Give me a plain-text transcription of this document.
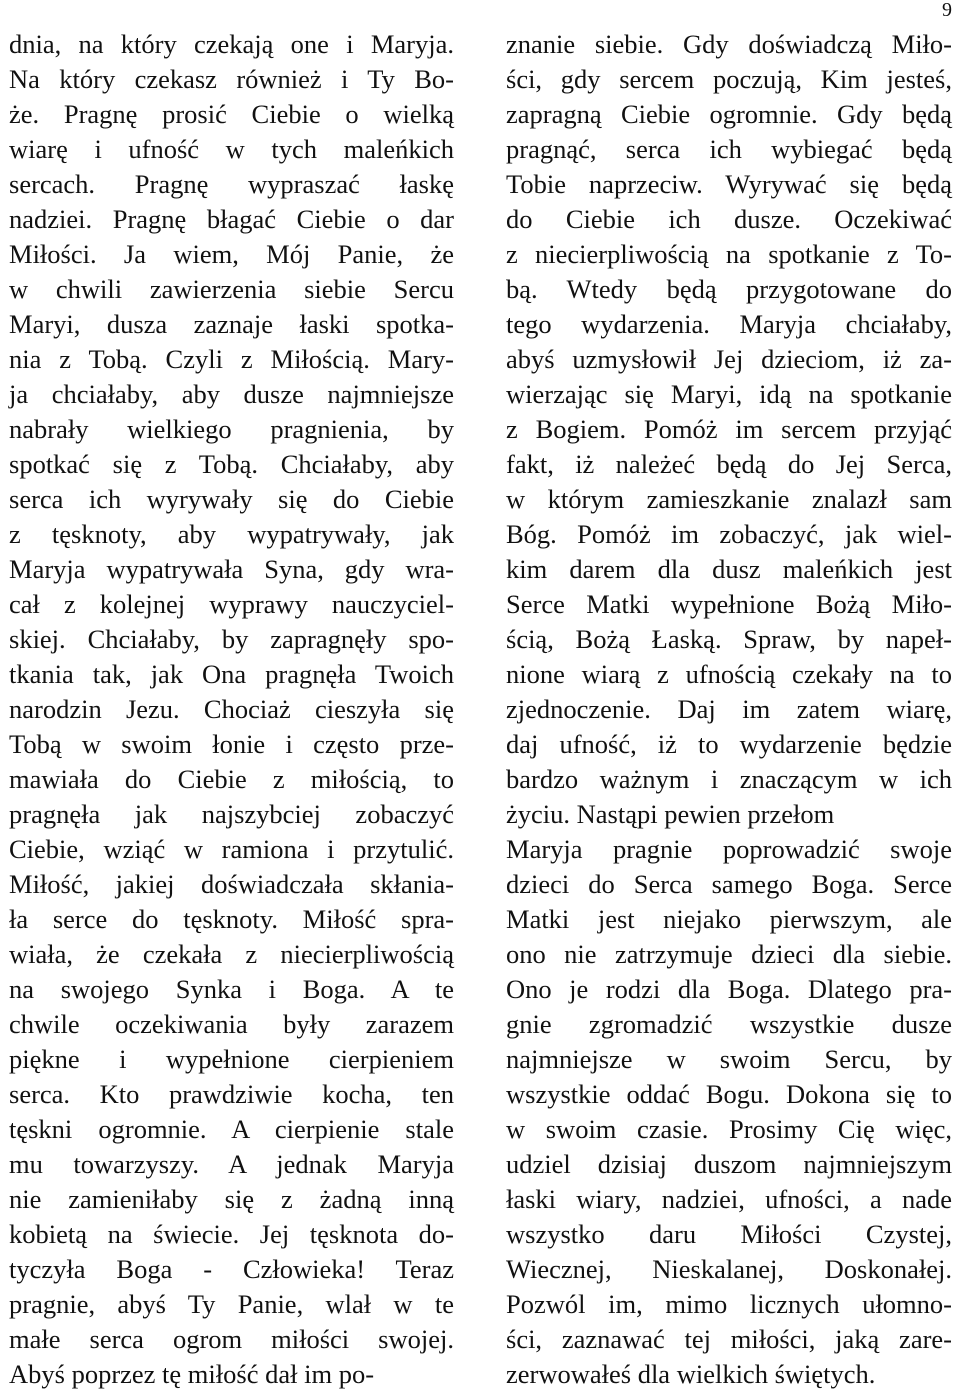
9
dnia, na który czekają one i Maryja.
Na który czekasz również i Ty Bo-
że. Pragnę prosić Ciebie o wielką
wiarę i ufność w tych maleńkich
sercach. Pragnę wypraszać łaskę
nadziei. Pragnę błagać Ciebie o dar
Miłości. Ja wiem, Mój Panie, że
w chwili zawierzenia siebie Sercu
Maryi, dusza zaznaje łaski spotka-
nia z Tobą. Czyli z Miłością. Mary-
ja chciałaby, aby dusze najmniejsze
nabrały wielkiego pragnienia, by
spotkać się z Tobą. Chciałaby, aby
serca ich wyrywały się do Ciebie
z tęsknoty, aby wypatrywały, jak
Maryja wypatrywała Syna, gdy wra-
cał z kolejnej wyprawy nauczyciel-
skiej. Chciałaby, by zapragnęły spo-
tkania tak, jak Ona pragnęła Twoich
narodzin Jezu. Chociaż cieszyła się
Tobą w swoim łonie i często prze-
mawiała do Ciebie z miłością, to
pragnęła jak najszybciej zobaczyć
Ciebie, wziąć w ramiona i przytulić.
Miłość, jakiej doświadczała skłania-
ła serce do tęsknoty. Miłość spra-
wiała, że czekała z niecierpliwością
na swojego Synka i Boga. A te
chwile oczekiwania były zarazem
piękne i wypełnione cierpieniem
serca. Kto prawdziwie kocha, ten
tęskni ogromnie. A cierpienie stale
mu towarzyszy. A jednak Maryja
nie zamieniłaby się z żadną inną
kobietą na świecie. Jej tęsknota do-
tyczyła Boga - Człowieka! Teraz
pragnie, abyś Ty Panie, wlał w te
małe serca ogrom miłości swojej.
Abyś poprzez tę miłość dał im po-
znanie siebie. Gdy doświadczą Miło-
ści, gdy sercem poczują, Kim jesteś,
zapragną Ciebie ogromnie. Gdy będą
pragnąć, serca ich wybiegać będą
Tobie naprzeciw. Wyrywać się będą
do Ciebie ich dusze. Oczekiwać
z niecierpliwością na spotkanie z To-
bą. Wtedy będą przygotowane do
tego wydarzenia. Maryja chciałaby,
abyś uzmysłowił Jej dzieciom, iż za-
wierzając się Maryi, idą na spotkanie
z Bogiem. Pomóż im sercem przyjąć
fakt, iż należeć będą do Jej Serca,
w którym zamieszkanie znalazł sam
Bóg. Pomóż im zobaczyć, jak wiel-
kim darem dla dusz maleńkich jest
Serce Matki wypełnione Bożą Miło-
ścią, Bożą Łaską. Spraw, by napeł-
nione wiarą z ufnością czekały na to
zjednoczenie. Daj im zatem wiarę,
daj ufność, iż to wydarzenie będzie
bardzo ważnym i znaczącym w ich
życiu. Nastąpi pewien przełom
Maryja pragnie poprowadzić swoje
dzieci do Serca samego Boga. Serce
Matki jest niejako pierwszym, ale
ono nie zatrzymuje dzieci dla siebie.
Ono je rodzi dla Boga. Dlatego pra-
gnie zgromadzić wszystkie dusze
najmniejsze w swoim Sercu, by
wszystkie oddać Bogu. Dokona się to
w swoim czasie. Prosimy Cię więc,
udziel dzisiaj duszom najmniejszym
łaski wiary, nadziei, ufności, a nade
wszystko daru Miłości Czystej,
Wiecznej, Nieskalanej, Doskonałej.
Pozwól im, mimo licznych ułomno-
ści, zaznawać tej miłości, jaką zare-
zerwowałeś dla wielkich świętych.
